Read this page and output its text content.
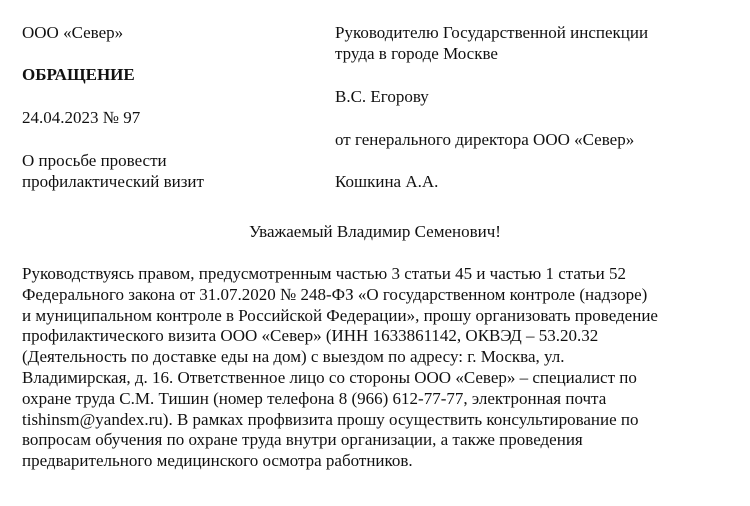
ООО «Север»
ОБРАЩЕНИЕ
24.04.2023 № 97
О просьбе провести
профилактический визит
Руководителю Государственной инспекции
труда в городе Москве
В.С. Егорову
от генерального директора ООО «Север»
Кошкина А.А.
Уважаемый Владимир Семенович!
Руководствуясь правом, предусмотренным частью 3 статьи 45 и частью 1 статьи 52
Федерального закона от 31.07.2020 № 248-ФЗ «О государственном контроле (надзоре)
и муниципальном контроле в Российской Федерации», прошу организовать проведение
профилактического визита ООО «Север» (ИНН 1633861142, ОКВЭД – 53.20.32
(Деятельность по доставке еды на дом) с выездом по адресу: г. Москва, ул.
Владимирская, д. 16. Ответственное лицо со стороны ООО «Север» – специалист по
охране труда С.М. Тишин (номер телефона 8 (966) 612-77-77, электронная почта
tishinsm@yandex.ru). В рамках профвизита прошу осуществить консультирование по
вопросам обучения по охране труда внутри организации, а также проведения
предварительного медицинского осмотра работников.
